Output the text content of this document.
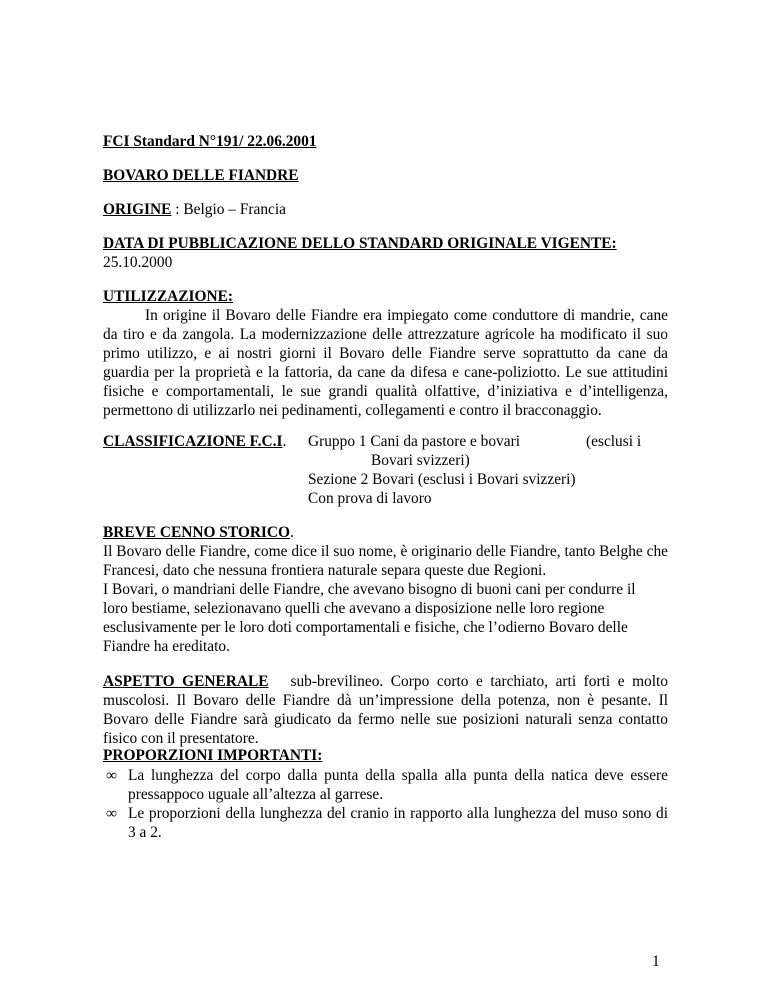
FCI Standard N°191/ 22.06.2001
BOVARO DELLE FIANDRE
ORIGINE : Belgio – Francia
DATA DI PUBBLICAZIONE DELLO STANDARD ORIGINALE VIGENTE:
25.10.2000
UTILIZZAZIONE:
In origine il Bovaro delle Fiandre era impiegato come conduttore di mandrie, cane da tiro e da zangola. La modernizzazione delle attrezzature agricole ha modificato il suo primo utilizzo, e ai nostri giorni il Bovaro delle Fiandre serve soprattutto da cane da guardia per la proprietà e la fattoria, da cane da difesa e cane-poliziotto. Le sue attitudini fisiche e comportamentali, le sue grandi qualità olfattive, d’iniziativa e d’intelligenza, permettono di utilizzarlo nei pedinamenti, collegamenti e contro il bracconaggio.
CLASSIFICAZIONE F.C.I. Gruppo 1 Cani da pastore e bovari	(esclusi i
Bovari svizzeri)
Sezione 2 Bovari (esclusi i Bovari svizzeri)
Con prova di lavoro
BREVE CENNO STORICO.
Il Bovaro delle Fiandre, come dice il suo nome, è originario delle Fiandre, tanto Belghe che Francesi, dato che nessuna frontiera naturale separa queste due Regioni.
I Bovari, o mandriani delle Fiandre, che avevano bisogno di buoni cani per condurre il
loro bestiame, selezionavano quelli che avevano a disposizione nelle loro regione
esclusivamente per le loro doti comportamentali e fisiche, che l’odierno Bovaro delle
Fiandre ha ereditato.
ASPETTO GENERALE sub-brevilineo. Corpo corto e tarchiato, arti forti e molto muscolosi. Il Bovaro delle Fiandre dà un’impressione della potenza, non è pesante. Il Bovaro delle Fiandre sarà giudicato da fermo nelle sue posizioni naturali senza contatto fisico con il presentatore.
PROPORZIONI IMPORTANTI:
∞ La lunghezza del corpo dalla punta della spalla alla punta della natica deve essere pressappoco uguale all’altezza al garrese.
∞ Le proporzioni della lunghezza del cranio in rapporto alla lunghezza del muso sono di 3 a 2.
1
